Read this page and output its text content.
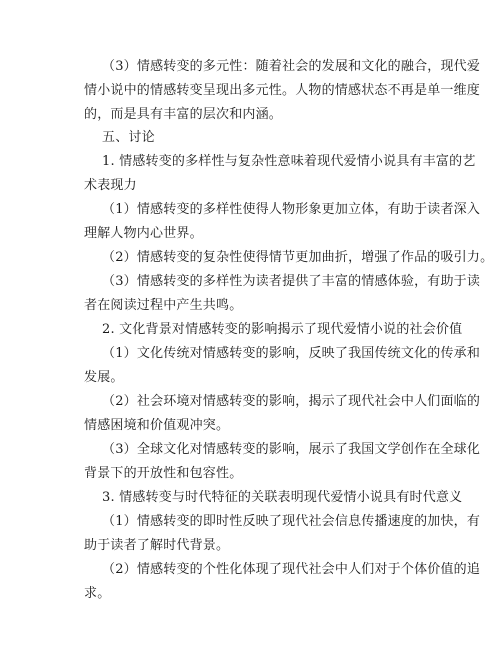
（3）情感转变的多元性：随着社会的发展和文化的融合，现代爱
情小说中的情感转变呈现出多元性。人物的情感状态不再是单一维度
的，而是具有丰富的层次和内涵。
五、讨论
1. 情感转变的多样性与复杂性意味着现代爱情小说具有丰富的艺
术表现力
（1）情感转变的多样性使得人物形象更加立体，有助于读者深入
理解人物内心世界。
（2）情感转变的复杂性使得情节更加曲折，增强了作品的吸引力。
（3）情感转变的多样性为读者提供了丰富的情感体验，有助于读
者在阅读过程中产生共鸣。
2. 文化背景对情感转变的影响揭示了现代爱情小说的社会价值
（1）文化传统对情感转变的影响，反映了我国传统文化的传承和
发展。
（2）社会环境对情感转变的影响，揭示了现代社会中人们面临的
情感困境和价值观冲突。
（3）全球文化对情感转变的影响，展示了我国文学创作在全球化
背景下的开放性和包容性。
3. 情感转变与时代特征的关联表明现代爱情小说具有时代意义
（1）情感转变的即时性反映了现代社会信息传播速度的加快，有
助于读者了解时代背景。
（2）情感转变的个性化体现了现代社会中人们对于个体价值的追
求。
